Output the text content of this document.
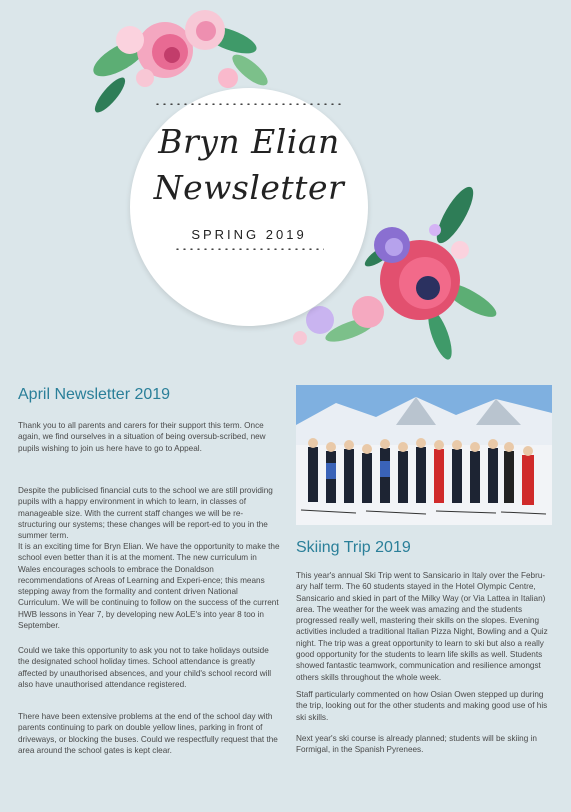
Bryn Elian
Newsletter
SPRING 2019
April Newsletter 2019

Thank you to all parents and carers for their support this term. Once again, we find ourselves in a situation of being oversub-scribed, new pupils wishing to join us here have to go to Appeal.

Despite the publicised financial cuts to the school we are still providing pupils with a happy environment in which to learn, in classes of manageable size. With the current staff changes we will be re-structuring our systems; these changes will be report-ed to you in the summer term.

It is an exciting time for Bryn Elian. We have the opportunity to make the school even better than it is at the moment. The new curriculum in Wales encourages schools to embrace the Donaldson recommendations of Areas of Learning and Experi-ence; this means stepping away from the formality and content driven National Curriculum. We will be continuing to follow on the success of the current HWB lessons in Year 7, by developing new AoLE's into year 8 too in September.

Could we take this opportunity to ask you not to take holidays outside the designated school holiday times. School attendance is greatly affected by unauthorised absences, and your child's school record will also have unauthorised attendance registered.

There have been extensive problems at the end of the school day with parents continuing to park on double yellow lines, parking in front of driveways, or blocking the buses. Could we respectfully request that the area around the school gates is kept clear.

Skiing Trip 2019

This year's annual Ski Trip went to Sansicario in Italy over the Febru-ary half term. The 60 students stayed in the Hotel Olympic Centre, Sansicario and skied in part of the Milky Way (or Via Lattea in Italian) area. The weather for the week was amazing and the students progressed really well, mastering their skills on the slopes. Evening activities included a traditional Italian Pizza Night, Bowling and a Quiz night. The trip was a great opportunity to learn to ski but also a really good opportunity for the students to learn life skills as well. Students showed fantastic teamwork, communication and resilience amongst others skills throughout the whole week.

Staff particularly commented on how Osian Owen stepped up during the trip, looking out for the other students and making good use of his ski skills.

Next year's ski course is already planned; students will be skiing in Formigal, in the Spanish Pyrenees.
